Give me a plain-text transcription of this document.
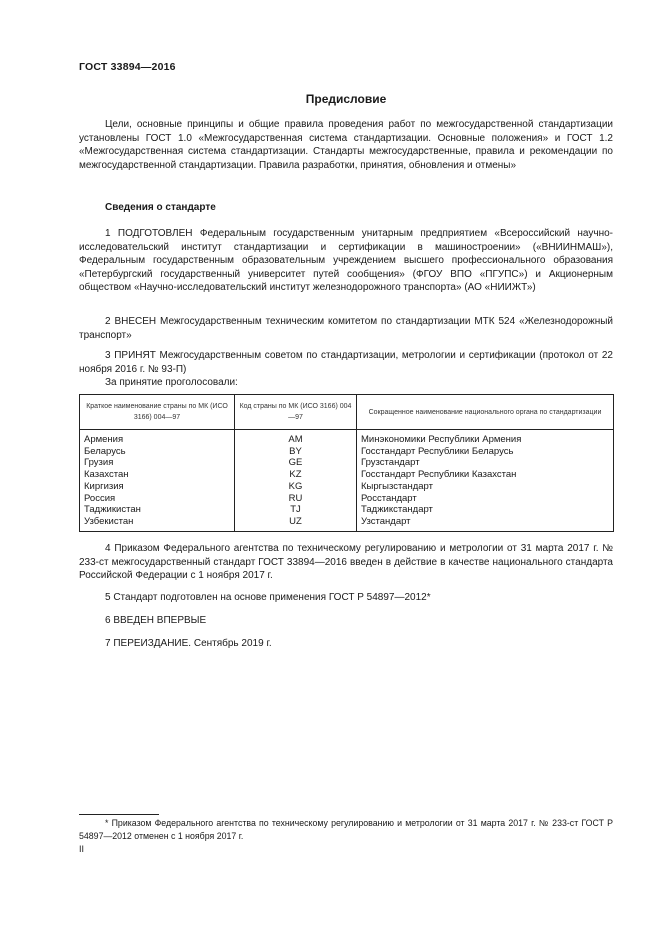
ГОСТ 33894—2016
Предисловие
Цели, основные принципы и общие правила проведения работ по межгосударственной стандартизации установлены ГОСТ 1.0 «Межгосударственная система стандартизации. Основные положения» и ГОСТ 1.2 «Межгосударственная система стандартизации. Стандарты межгосударственные, правила и рекомендации по межгосударственной стандартизации. Правила разработки, принятия, обновления и отмены»
Сведения о стандарте
1 ПОДГОТОВЛЕН Федеральным государственным унитарным предприятием «Всероссийский научно-исследовательский институт стандартизации и сертификации в машиностроении» («ВНИИНМАШ»), Федеральным государственным образовательным учреждением высшего профессионального образования «Петербургский государственный университет путей сообщения» (ФГОУ ВПО «ПГУПС») и Акционерным обществом «Научно-исследовательский институт железнодорожного транспорта» (АО «НИИЖТ»)
2 ВНЕСЕН Межгосударственным техническим комитетом по стандартизации МТК 524 «Железнодорожный транспорт»
3 ПРИНЯТ Межгосударственным советом по стандартизации, метрологии и сертификации (протокол от 22 ноября 2016 г. № 93-П)
За принятие проголосовали:
Краткое наименование страны по МК (ИСО 3166) 004—97	Код страны по МК (ИСО 3166) 004—97	Сокращенное наименование национального органа по стандартизации
Армения	AM	Минэкономики Республики Армения
Беларусь	BY	Госстандарт Республики Беларусь
Грузия	GE	Грузстандарт
Казахстан	KZ	Госстандарт Республики Казахстан
Киргизия	KG	Кыргызстандарт
Россия	RU	Росстандарт
Таджикистан	TJ	Таджикстандарт
Узбекистан	UZ	Узстандарт
4 Приказом Федерального агентства по техническому регулированию и метрологии от 31 марта 2017 г. № 233-ст межгосударственный стандарт ГОСТ 33894—2016 введен в действие в качестве национального стандарта Российской Федерации с 1 ноября 2017 г.
5 Стандарт подготовлен на основе применения ГОСТ Р 54897—2012*
6 ВВЕДЕН ВПЕРВЫЕ
7 ПЕРЕИЗДАНИЕ. Сентябрь 2019 г.
* Приказом Федерального агентства по техническому регулированию и метрологии от 31 марта 2017 г. № 233-ст ГОСТ Р 54897—2012 отменен с 1 ноября 2017 г.
II
